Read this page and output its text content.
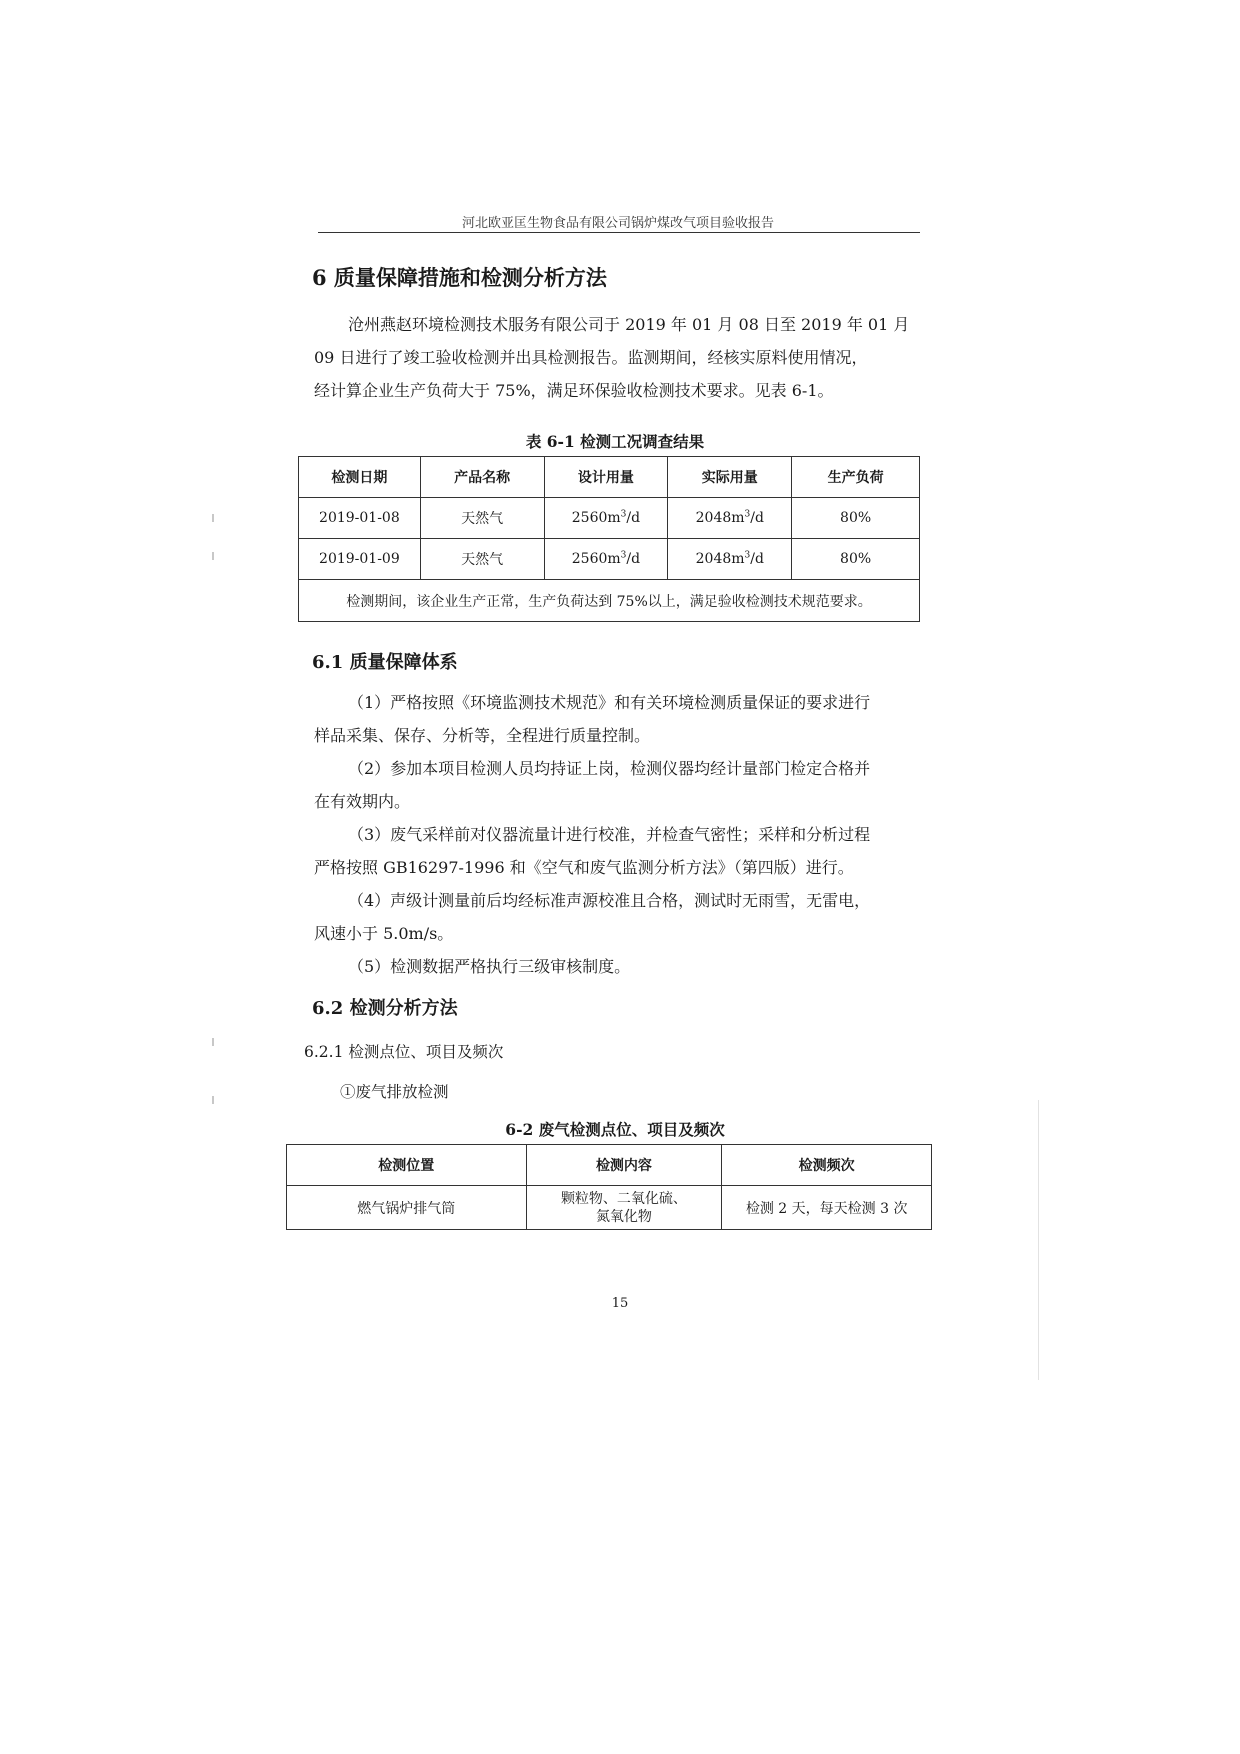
河北欧亚匡生物食品有限公司锅炉煤改气项目验收报告
6 质量保障措施和检测分析方法
沧州燕赵环境检测技术服务有限公司于 2019 年 01 月 08 日至 2019 年 01 月
09 日进行了竣工验收检测并出具检测报告。监测期间，经核实原料使用情况，
经计算企业生产负荷大于 75%，满足环保验收检测技术要求。见表 6-1。
表 6-1 检测工况调查结果
检测日期	产品名称	设计用量	实际用量	生产负荷
2019-01-08	天然气	$2560m^3/d$	$2048m^3/d$	80%
2019-01-09	天然气	$2560m^3/d$	$2048m^3/d$	80%
检测期间，该企业生产正常，生产负荷达到 75%以上，满足验收检测技术规范要求。				
6.1 质量保障体系
（1）严格按照《环境监测技术规范》和有关环境检测质量保证的要求进行
样品采集、保存、分析等，全程进行质量控制。
（2）参加本项目检测人员均持证上岗，检测仪器均经计量部门检定合格并
在有效期内。
（3）废气采样前对仪器流量计进行校准，并检查气密性；采样和分析过程
严格按照 GB16297-1996 和《空气和废气监测分析方法》（第四版）进行。
（4）声级计测量前后均经标准声源校准且合格，测试时无雨雪，无雷电，
风速小于 5.0m/s。
（5）检测数据严格执行三级审核制度。
6.2 检测分析方法
6.2.1 检测点位、项目及频次
①废气排放检测
6-2 废气检测点位、项目及频次
检测位置	检测内容	检测频次
燃气锅炉排气筒	颗粒物、二氧化硫、
氮氧化物	检测 2 天，每天检测 3 次
15
